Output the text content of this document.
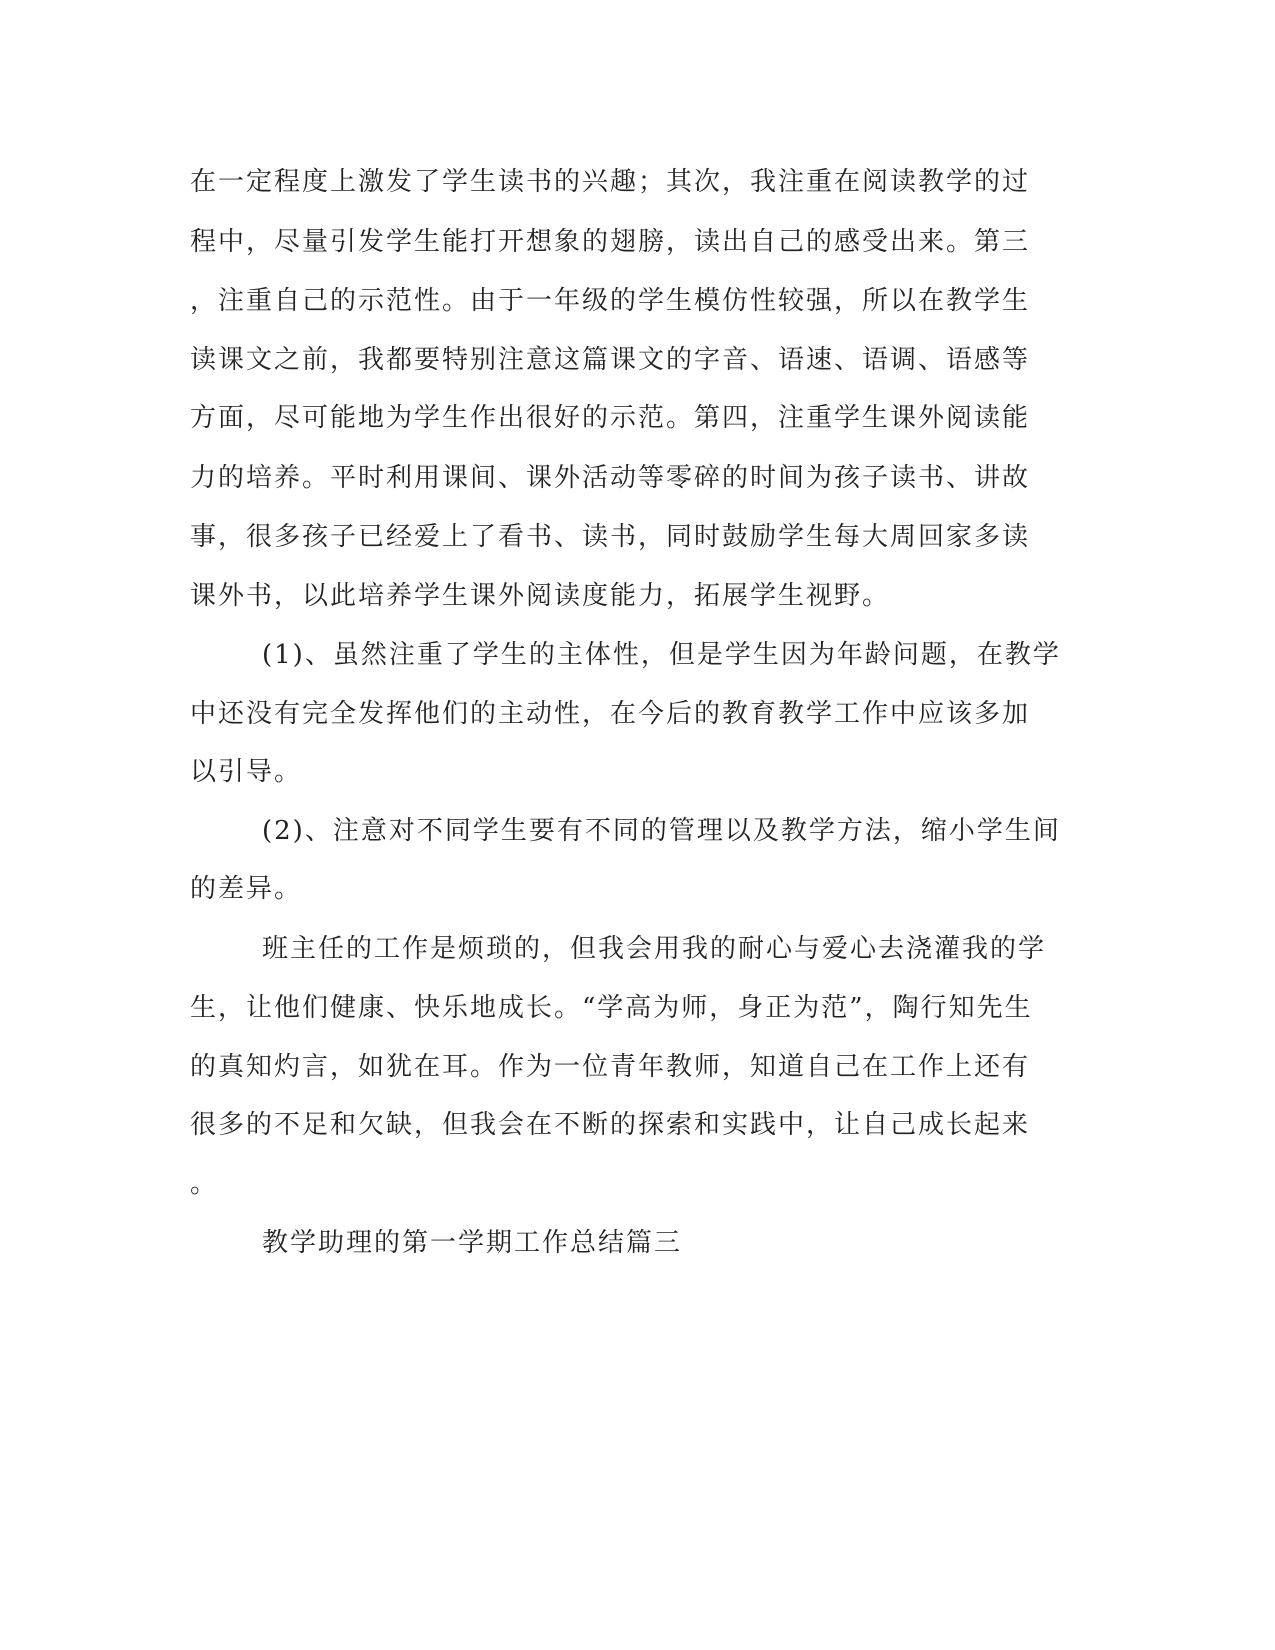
在一定程度上激发了学生读书的兴趣；其次，我注重在阅读教学的过
程中，尽量引发学生能打开想象的翅膀，读出自己的感受出来。第三
，注重自己的示范性。由于一年级的学生模仿性较强，所以在教学生
读课文之前，我都要特别注意这篇课文的字音、语速、语调、语感等
方面，尽可能地为学生作出很好的示范。第四，注重学生课外阅读能
力的培养。平时利用课间、课外活动等零碎的时间为孩子读书、讲故
事，很多孩子已经爱上了看书、读书，同时鼓励学生每大周回家多读
课外书，以此培养学生课外阅读度能力，拓展学生视野。
(1)、虽然注重了学生的主体性，但是学生因为年龄问题，在教学
中还没有完全发挥他们的主动性，在今后的教育教学工作中应该多加
以引导。
(2)、注意对不同学生要有不同的管理以及教学方法，缩小学生间
的差异。
班主任的工作是烦琐的，但我会用我的耐心与爱心去浇灌我的学
生，让他们健康、快乐地成长。“学高为师，身正为范”，陶行知先生
的真知灼言，如犹在耳。作为一位青年教师，知道自己在工作上还有
很多的不足和欠缺，但我会在不断的探索和实践中，让自己成长起来
。
教学助理的第一学期工作总结篇三
